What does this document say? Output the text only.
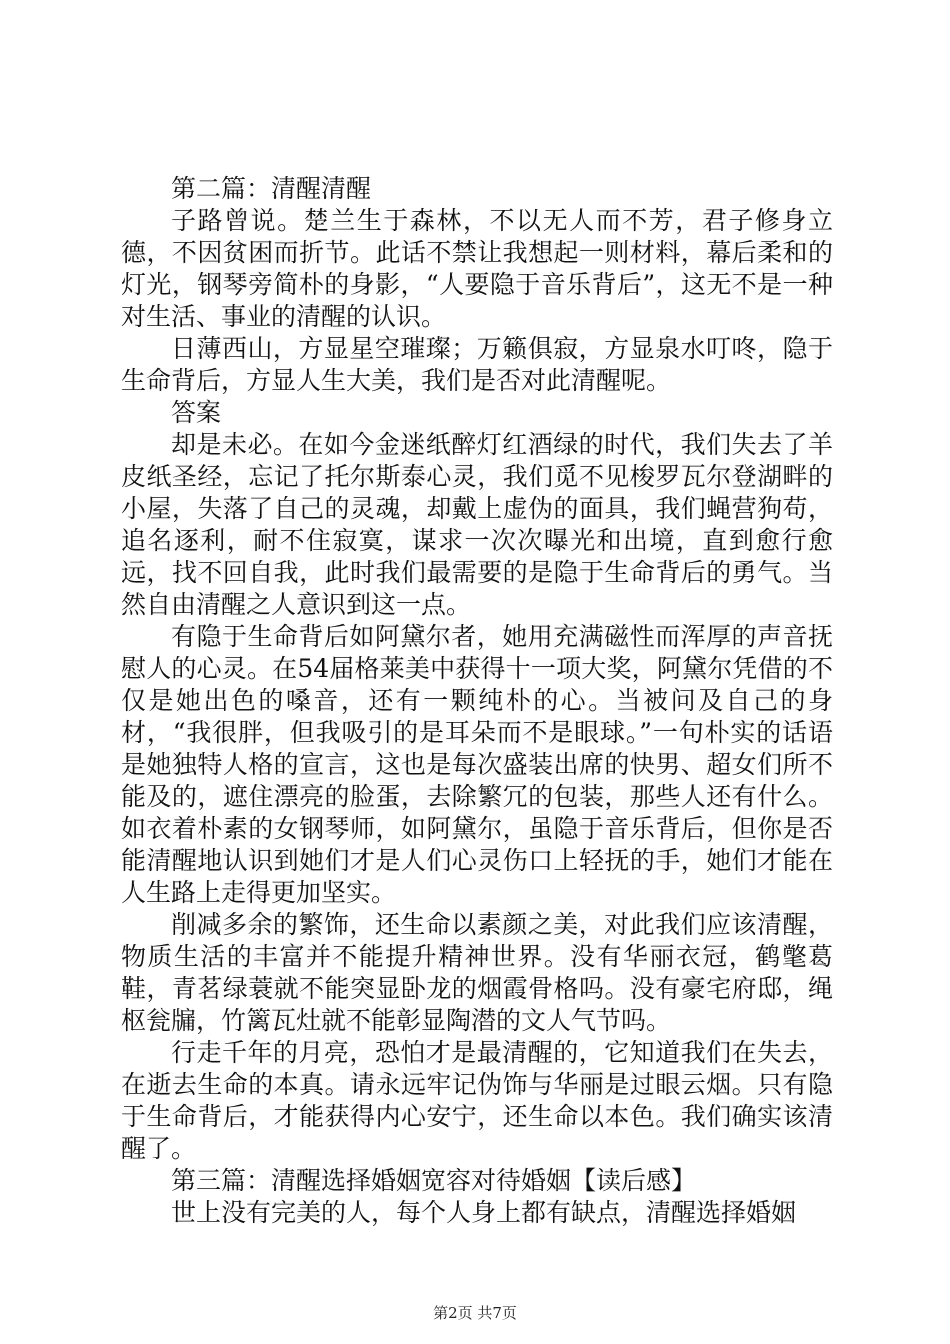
第二篇：清醒清醒

子路曾说。楚兰生于森林，不以无人而不芳，君子修身立德，不因贫困而折节。此话不禁让我想起一则材料，幕后柔和的灯光，钢琴旁简朴的身影，“人要隐于音乐背后”，这无不是一种对生活、事业的清醒的认识。

日薄西山，方显星空璀璨；万籁俱寂，方显泉水叮咚，隐于生命背后，方显人生大美，我们是否对此清醒呢。

答案

却是未必。在如今金迷纸醉灯红酒绿的时代，我们失去了羊皮纸圣经，忘记了托尔斯泰心灵，我们觅不见梭罗瓦尔登湖畔的小屋，失落了自己的灵魂，却戴上虚伪的面具，我们蝇营狗苟，追名逐利，耐不住寂寞，谋求一次次曝光和出境，直到愈行愈远，找不回自我，此时我们最需要的是隐于生命背后的勇气。当然自由清醒之人意识到这一点。

有隐于生命背后如阿黛尔者，她用充满磁性而浑厚的声音抚慰人的心灵。在54届格莱美中获得十一项大奖，阿黛尔凭借的不仅是她出色的嗓音，还有一颗纯朴的心。当被问及自己的身材，“我很胖，但我吸引的是耳朵而不是眼球。”一句朴实的话语是她独特人格的宣言，这也是每次盛装出席的快男、超女们所不能及的，遮住漂亮的脸蛋，去除繁冗的包装，那些人还有什么。如衣着朴素的女钢琴师，如阿黛尔，虽隐于音乐背后，但你是否能清醒地认识到她们才是人们心灵伤口上轻抚的手，她们才能在人生路上走得更加坚实。

削减多余的繁饰，还生命以素颜之美，对此我们应该清醒，物质生活的丰富并不能提升精神世界。没有华丽衣冠，鹤氅葛鞋，青茗绿蓑就不能突显卧龙的烟霞骨格吗。没有豪宅府邸，绳枢瓮牖，竹篱瓦灶就不能彰显陶潜的文人气节吗。

行走千年的月亮，恐怕才是最清醒的，它知道我们在失去，在逝去生命的本真。请永远牢记伪饰与华丽是过眼云烟。只有隐于生命背后，才能获得内心安宁，还生命以本色。我们确实该清醒了。

第三篇：清醒选择婚姻宽容对待婚姻【读后感】

世上没有完美的人，每个人身上都有缺点，清醒选择婚姻

第2页 共7页
